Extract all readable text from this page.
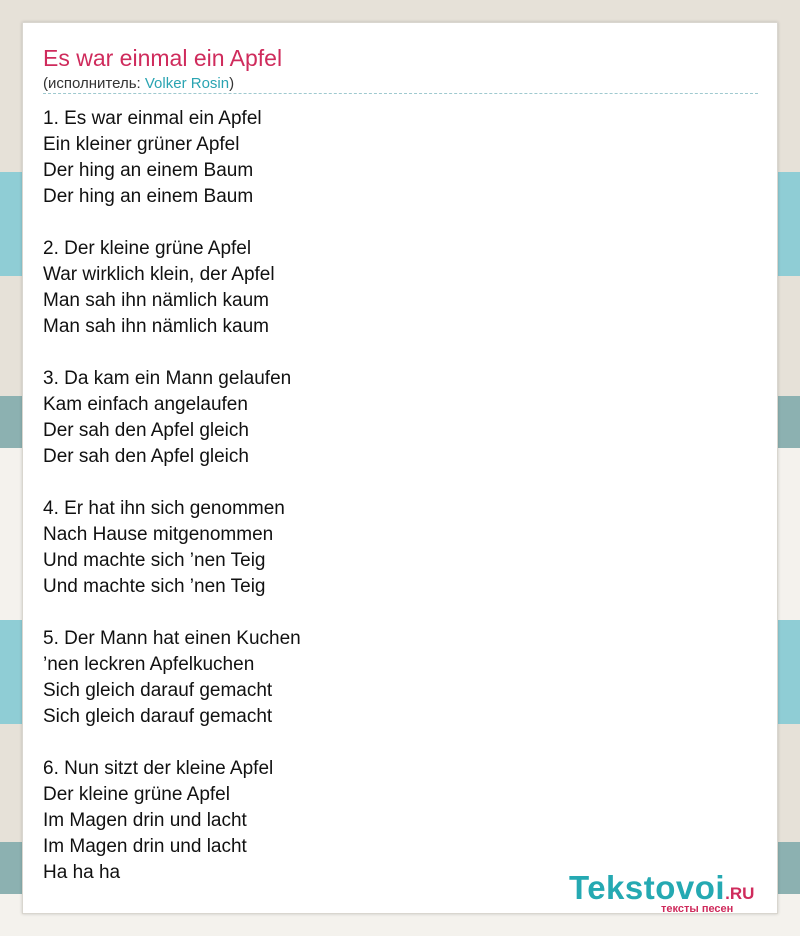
Es war einmal ein Apfel
(исполнитель: Volker Rosin)
1. Es war einmal ein Apfel
Ein kleiner grüner Apfel
Der hing an einem Baum
Der hing an einem Baum
2. Der kleine grüne Apfel
War wirklich klein, der Apfel
Man sah ihn nämlich kaum
Man sah ihn nämlich kaum
3. Da kam ein Mann gelaufen
Kam einfach angelaufen
Der sah den Apfel gleich
Der sah den Apfel gleich
4. Er hat ihn sich genommen
Nach Hause mitgenommen
Und machte sich ’nen Teig
Und machte sich ’nen Teig
5. Der Mann hat einen Kuchen
’nen leckren Apfelkuchen
Sich gleich darauf gemacht
Sich gleich darauf gemacht
6. Nun sitzt der kleine Apfel
Der kleine grüne Apfel
Im Magen drin und lacht
Im Magen drin und lacht
Ha ha ha	Tekstovoi.RU
тексты песен
